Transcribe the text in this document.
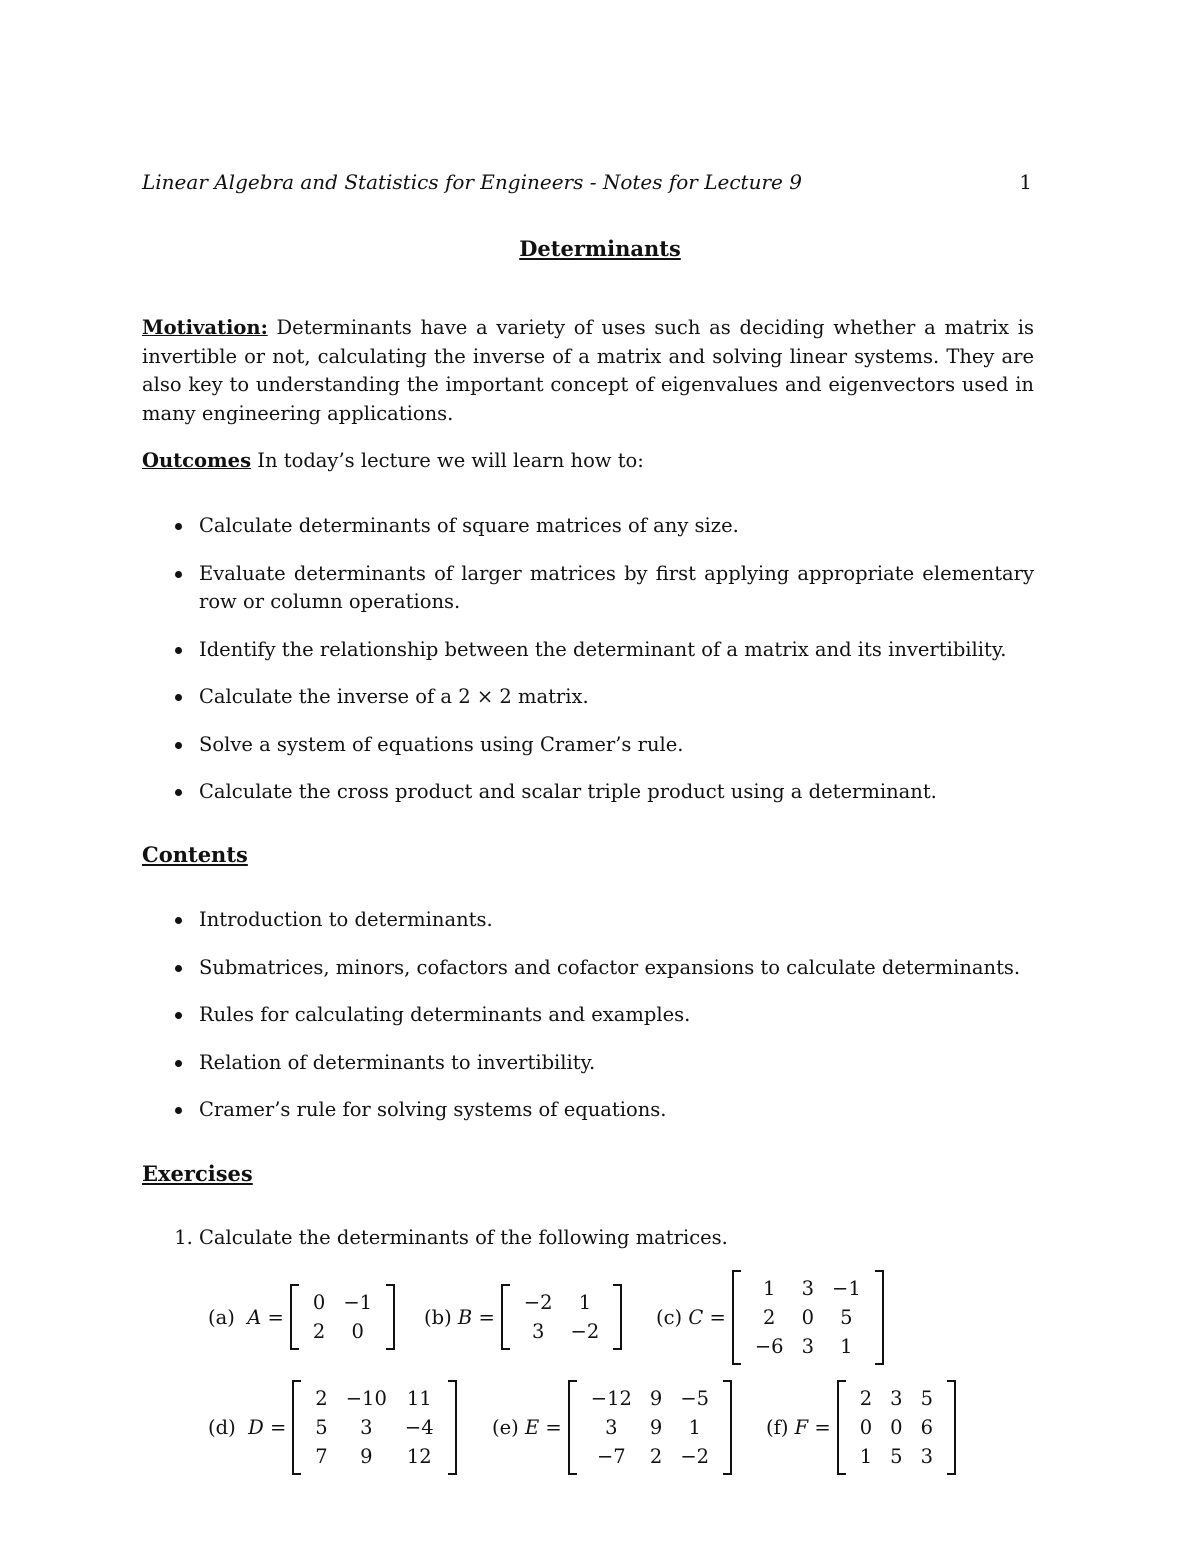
Linear Algebra and Statistics for Engineers - Notes for Lecture 9	1
Determinants
Motivation: Determinants have a variety of uses such as deciding whether a matrix is invertible or not, calculating the inverse of a matrix and solving linear systems. They are also key to understanding the important concept of eigenvalues and eigenvectors used in many engineering applications.
Outcomes In today’s lecture we will learn how to:
Calculate determinants of square matrices of any size.
Evaluate determinants of larger matrices by first applying appropriate elementary row or column operations.
Identify the relationship between the determinant of a matrix and its invertibility.
Calculate the inverse of a 2 × 2 matrix.
Solve a system of equations using Cramer’s rule.
Calculate the cross product and scalar triple product using a determinant.
Contents
Introduction to determinants.
Submatrices, minors, cofactors and cofactor expansions to calculate determinants.
Rules for calculating determinants and examples.
Relation of determinants to invertibility.
Cramer’s rule for solving systems of equations.
Exercises
1. Calculate the determinants of the following matrices.
(a) A =
0	−1
2	0
(b) B =
−2	1
3	−2
(c) C =
1	3	−1
2	0	5
−6	3	1
(d) D =
2	−10	11
5	3	−4
7	9	12
(e) E =
−12	9	−5
3	9	1
−7	2	−2
(f) F =
2	3	5
0	0	6
1	5	3
